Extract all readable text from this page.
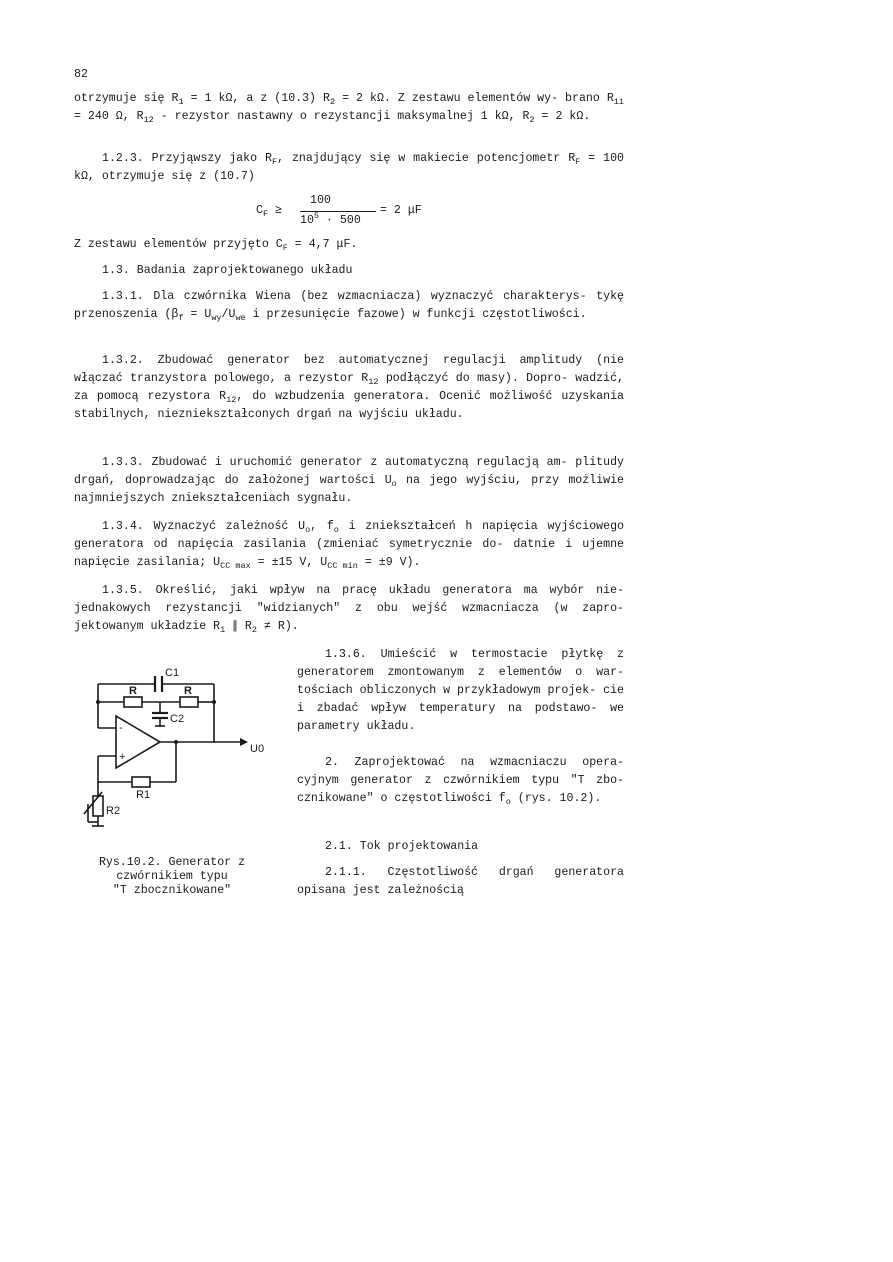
82

otrzymuje się $R_1 = 1$ kΩ, a z (10.3) $R_2 = 2$ kΩ. Z zestawu elementów wy- brano $R_{11} = 240$ Ω, $R_{12}$ - rezystor nastawny o rezystancji maksymalnej 1 kΩ, $R_2 = 2$ kΩ.

1.2.3. Przyjąwszy jako $R_F$, znajdujący się w makiecie potencjometr $R_F = 100$ kΩ, otrzymuje się z (10.7)

$C_F$ ≥
100
$10^5 \cdot 500$
= 2 μF

Z zestawu elementów przyjęto $C_F = 4,7$ μF.

1.3. Badania zaprojektowanego układu

1.3.1. Dla czwórnika Wiena (bez wzmacniacza) wyznaczyć charakterys- tykę przenoszenia ($\beta_f = U_{wy}/U_{we}$ i przesunięcie fazowe) w funkcji częstotliwości.

1.3.2. Zbudować generator bez automatycznej regulacji amplitudy (nie włączać tranzystora polowego, a rezystor $R_{12}$ podłączyć do masy). Dopro- wadzić, za pomocą rezystora $R_{12}$, do wzbudzenia generatora. Ocenić możliwość uzyskania stabilnych, niezniekształconych drgań na wyjściu układu.

1.3.3. Zbudować i uruchomić generator z automatyczną regulacją am- plitudy drgań, doprowadzając do założonej wartości $U_o$ na jego wyjściu, przy możliwie najmniejszych zniekształceniach sygnału.

1.3.4. Wyznaczyć zależność $U_o$, $f_o$ i zniekształceń h napięcia wyjściowego generatora od napięcia zasilania (zmieniać symetrycznie do- datnie i ujemne napięcie zasilania; $U_{CC max} = \pm 15$ V, $U_{CC min} = \pm 9$ V).

1.3.5. Określić, jaki wpływ na pracę układu generatora ma wybór nie- jednakowych rezystancji "widzianych" z obu wejść wzmacniacza (w zapro- jektowanym układzie $R_1$ ∥ $R_2 \ne R$).

1.3.6. Umieścić w termostacie płytkę z generatorem zmontowanym z elementów o war- tościach obliczonych w przykładowym projek- cie i zbadać wpływ temperatury na podstawo- we parametry układu.

2. Zaprojektować na wzmacniaczu opera- cyjnym generator z czwórnikiem typu "T zbo- cznikowane" o częstotliwości $f_o$ (rys. 10.2).

2.1. Tok projektowania

2.1.1. Częstotliwość drgań generatora opisana jest zależnością

C1
R	R
C2
-
+
U0
R1
R2
Rys.10.2. Generator z
czwórnikiem typu
"T zbocznikowane"
